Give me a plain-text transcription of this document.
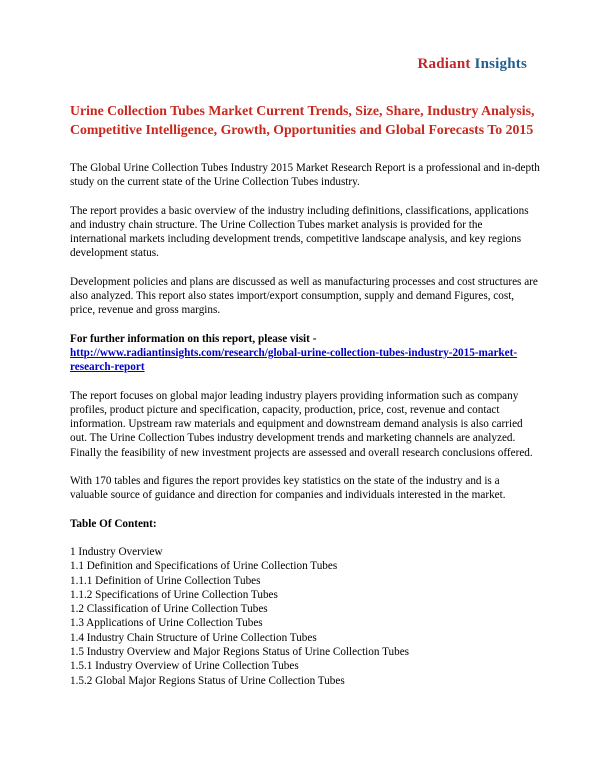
Radiant Insights
Urine Collection Tubes Market Current Trends, Size, Share, Industry Analysis, Competitive Intelligence, Growth, Opportunities and Global Forecasts To 2015

The Global Urine Collection Tubes Industry 2015 Market Research Report is a professional and in-depth study on the current state of the Urine Collection Tubes industry.

The report provides a basic overview of the industry including definitions, classifications, applications and industry chain structure. The Urine Collection Tubes market analysis is provided for the international markets including development trends, competitive landscape analysis, and key regions development status.

Development policies and plans are discussed as well as manufacturing processes and cost structures are also analyzed. This report also states import/export consumption, supply and demand Figures, cost, price, revenue and gross margins.

For further information on this report, please visit -

http://www.radiantinsights.com/research/global-urine-collection-tubes-industry-2015-market-research-report

The report focuses on global major leading industry players providing information such as company profiles, product picture and specification, capacity, production, price, cost, revenue and contact information. Upstream raw materials and equipment and downstream demand analysis is also carried out. The Urine Collection Tubes industry development trends and marketing channels are analyzed. Finally the feasibility of new investment projects are assessed and overall research conclusions offered.

With 170 tables and figures the report provides key statistics on the state of the industry and is a valuable source of guidance and direction for companies and individuals interested in the market.

Table Of Content:

1 Industry Overview
1.1 Definition and Specifications of Urine Collection Tubes
1.1.1 Definition of Urine Collection Tubes
1.1.2 Specifications of Urine Collection Tubes
1.2 Classification of Urine Collection Tubes
1.3 Applications of Urine Collection Tubes
1.4 Industry Chain Structure of Urine Collection Tubes
1.5 Industry Overview and Major Regions Status of Urine Collection Tubes
1.5.1 Industry Overview of Urine Collection Tubes
1.5.2 Global Major Regions Status of Urine Collection Tubes
